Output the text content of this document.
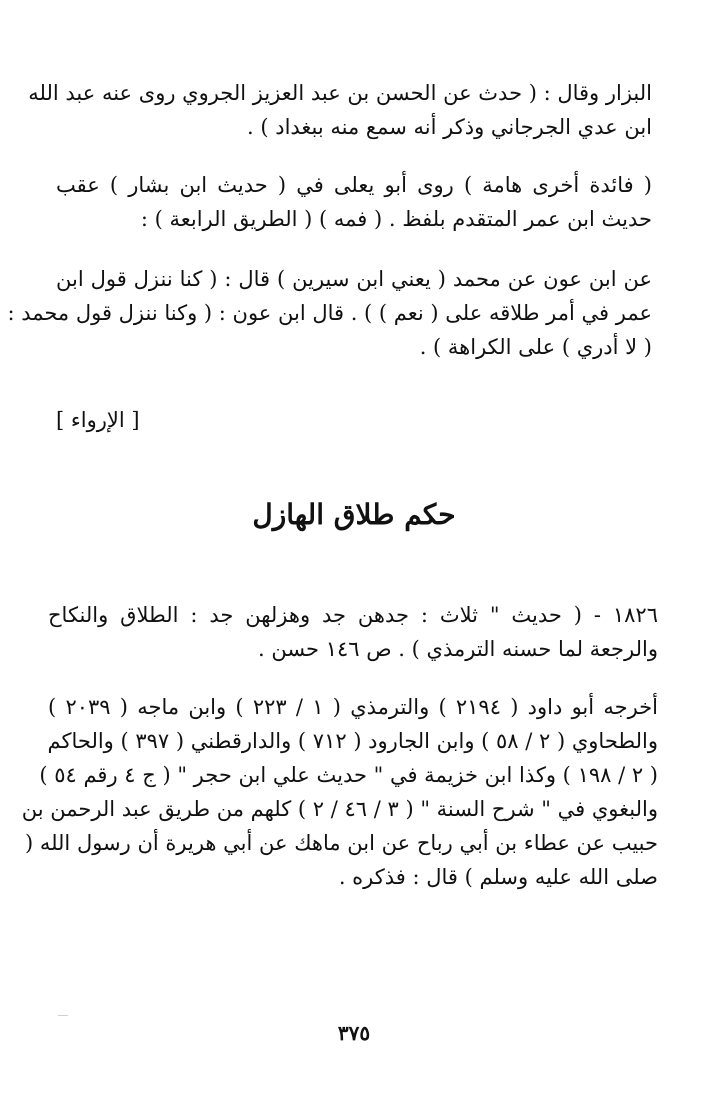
البزار وقال : ( حدث عن الحسن بن عبد العزيز الجروي روى عنه عبد الله
ابن عدي الجرجاني وذكر أنه سمع منه ببغداد ) .
( فائدة أخرى هامة ) روى أبو يعلى في ( حديث ابن بشار ) عقب
حديث ابن عمر المتقدم بلفظ . ( فمه ) ( الطريق الرابعة ) :
عن ابن عون عن محمد ( يعني ابن سيرين ) قال : ( كنا ننزل قول ابن
عمر في أمر طلاقه على ( نعم ) ) . قال ابن عون : ( وكنا ننزل قول محمد :
( لا أدري ) على الكراهة ) .
[ الإرواء ]
حكم طلاق الهازل
١٨٢٦ - ( حديث " ثلاث : جدهن جد وهزلهن جد : الطلاق والنكاح
والرجعة لما حسنه الترمذي ) . ص ١٤٦ حسن .
أخرجه أبو داود ( ٢١٩٤ ) والترمذي ( ١ / ٢٢٣ ) وابن ماجه ( ٢٠٣٩ )
والطحاوي ( ٢ / ٥٨ ) وابن الجارود ( ٧١٢ ) والدارقطني ( ٣٩٧ ) والحاكم
( ٢ / ١٩٨ ) وكذا ابن خزيمة في " حديث علي ابن حجر " ( ج ٤ رقم ٥٤ )
والبغوي في " شرح السنة " ( ٣ / ٤٦ / ٢ ) كلهم من طريق عبد الرحمن بن
حبيب عن عطاء بن أبي رباح عن ابن ماهك عن أبي هريرة أن رسول الله (
صلى الله عليه وسلم ) قال : فذكره .
٣٧٥
